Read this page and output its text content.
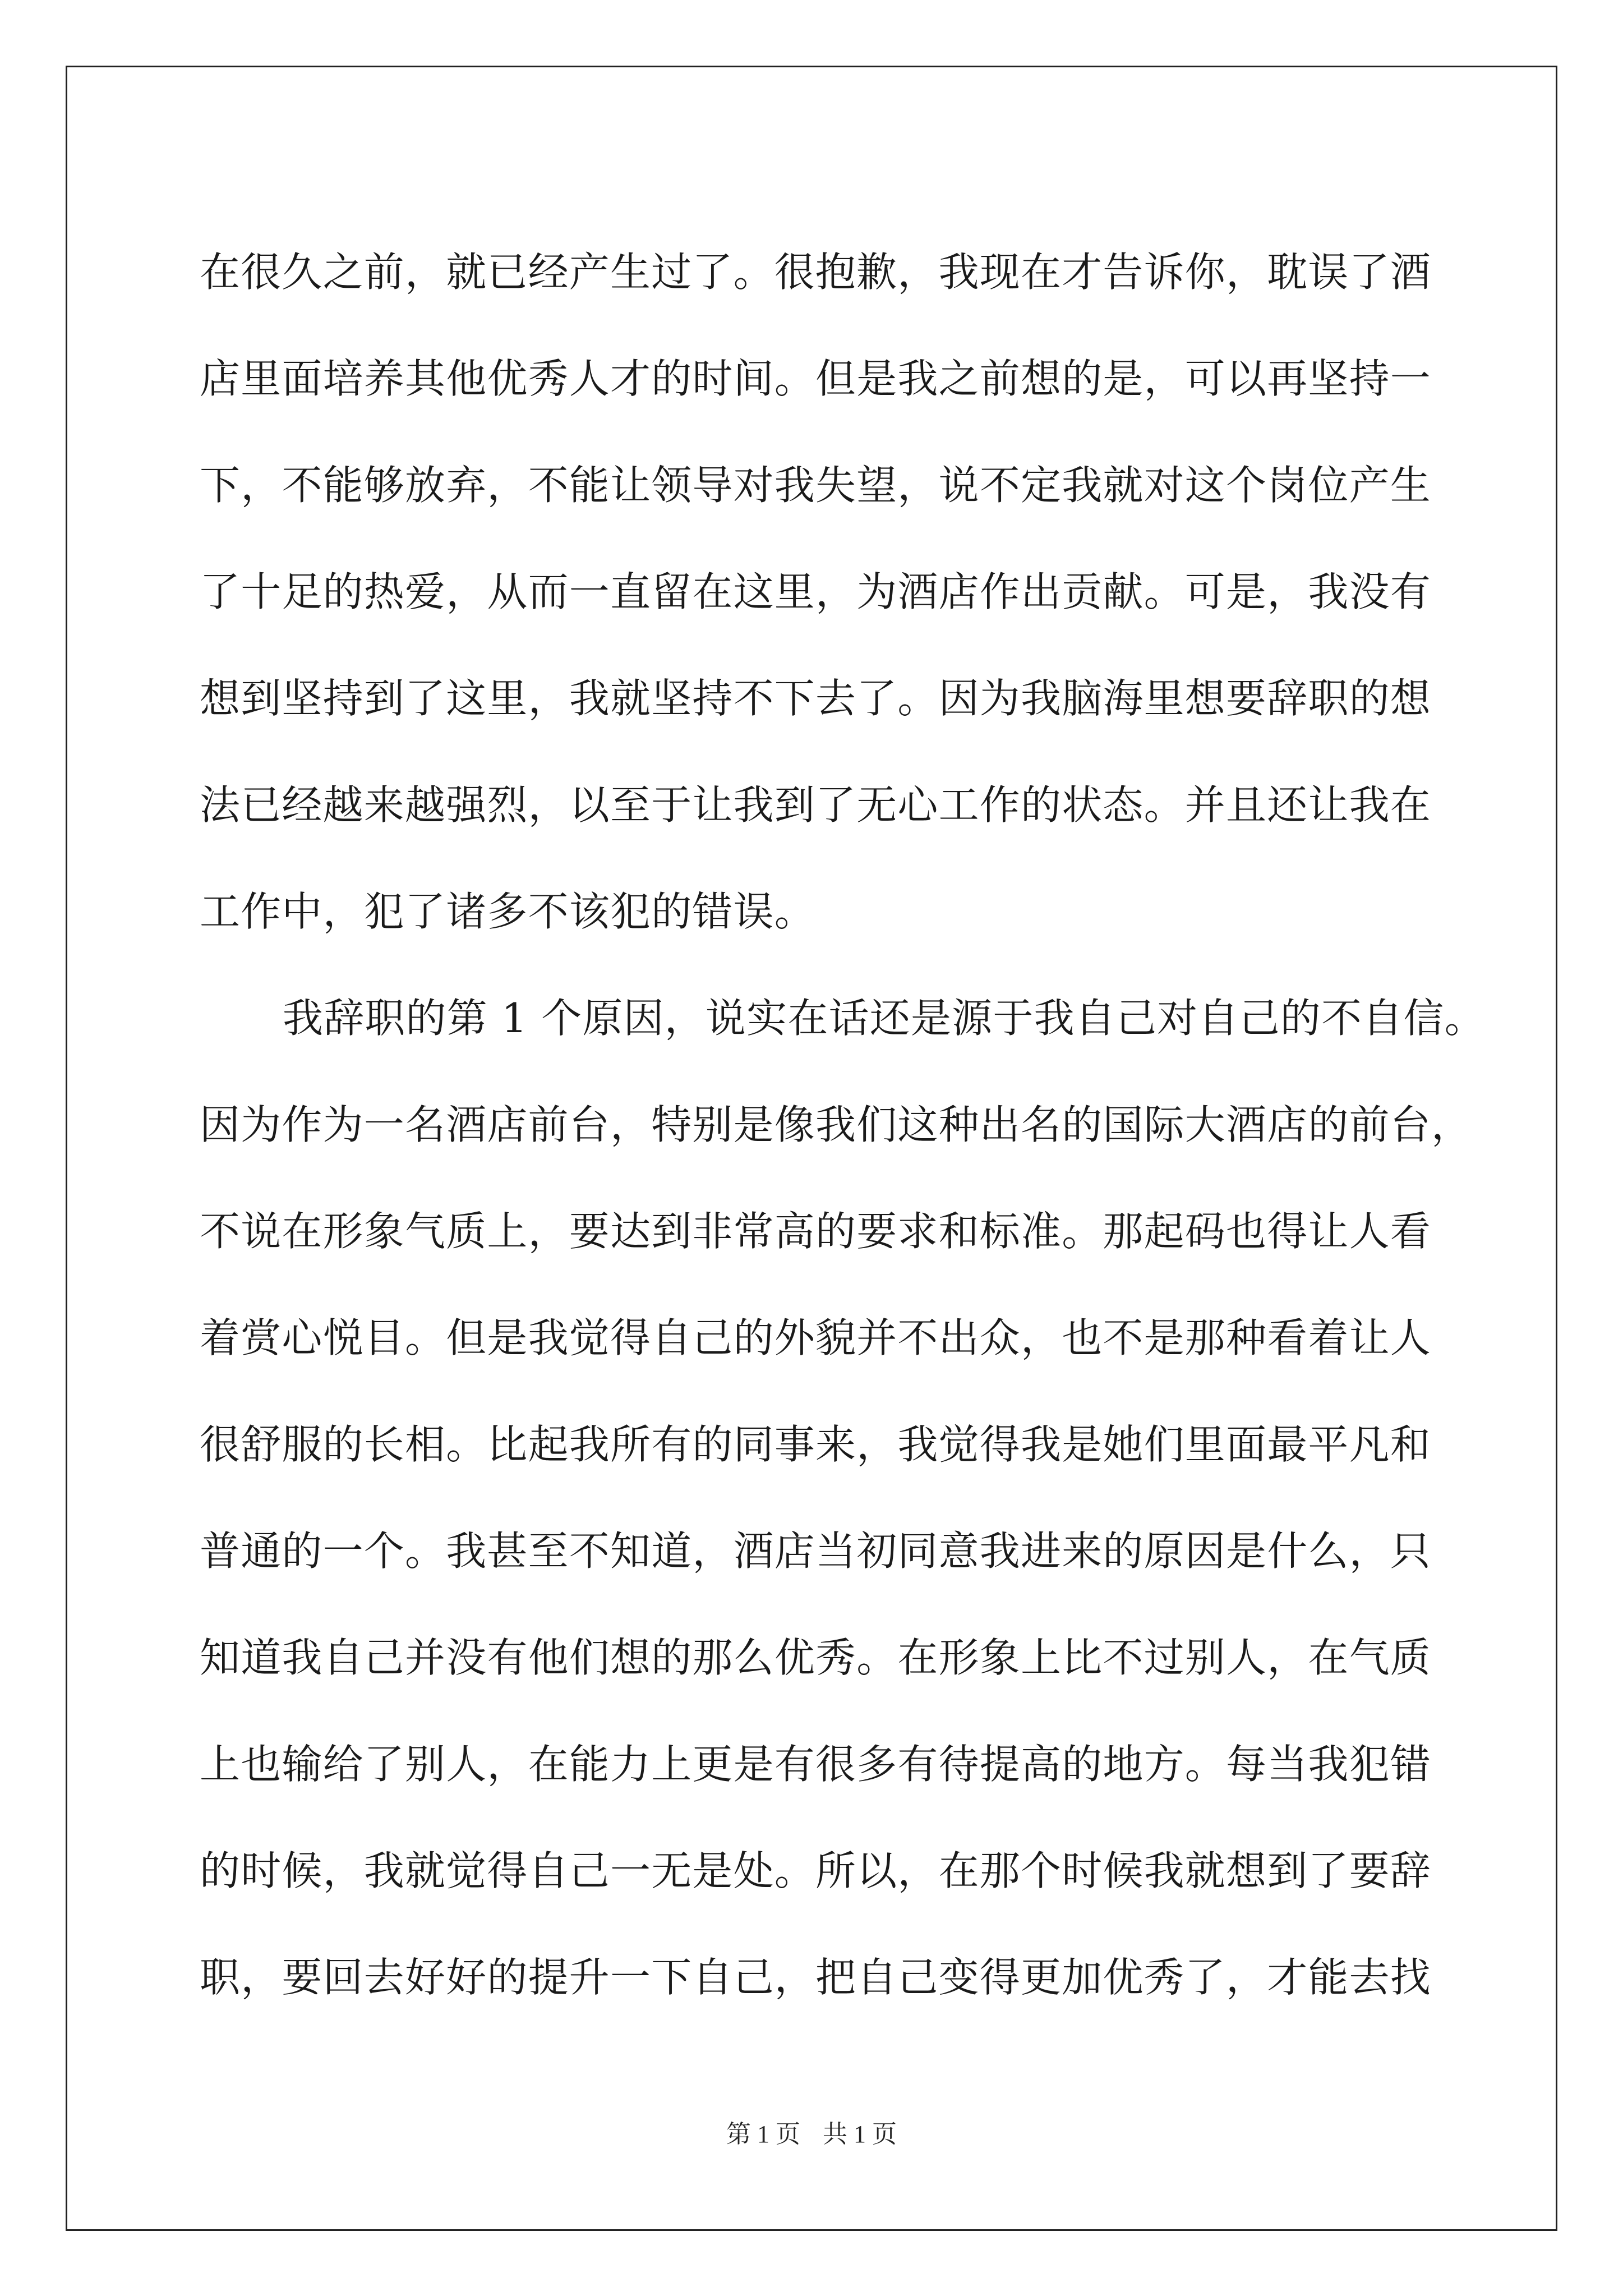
在很久之前，就已经产生过了。很抱歉，我现在才告诉你，耽误了酒
店里面培养其他优秀人才的时间。但是我之前想的是，可以再坚持一
下，不能够放弃，不能让领导对我失望，说不定我就对这个岗位产生
了十足的热爱，从而一直留在这里，为酒店作出贡献。可是，我没有
想到坚持到了这里，我就坚持不下去了。因为我脑海里想要辞职的想
法已经越来越强烈，以至于让我到了无心工作的状态。并且还让我在
工作中，犯了诸多不该犯的错误。
我辞职的第 1 个原因，说实在话还是源于我自己对自己的不自信。
因为作为一名酒店前台，特别是像我们这种出名的国际大酒店的前台，
不说在形象气质上，要达到非常高的要求和标准。那起码也得让人看
着赏心悦目。但是我觉得自己的外貌并不出众，也不是那种看着让人
很舒服的长相。比起我所有的同事来，我觉得我是她们里面最平凡和
普通的一个。我甚至不知道，酒店当初同意我进来的原因是什么，只
知道我自己并没有他们想的那么优秀。在形象上比不过别人，在气质
上也输给了别人，在能力上更是有很多有待提高的地方。每当我犯错
的时候，我就觉得自己一无是处。所以，在那个时候我就想到了要辞
职，要回去好好的提升一下自己，把自己变得更加优秀了，才能去找
第 1 页 共 1 页
